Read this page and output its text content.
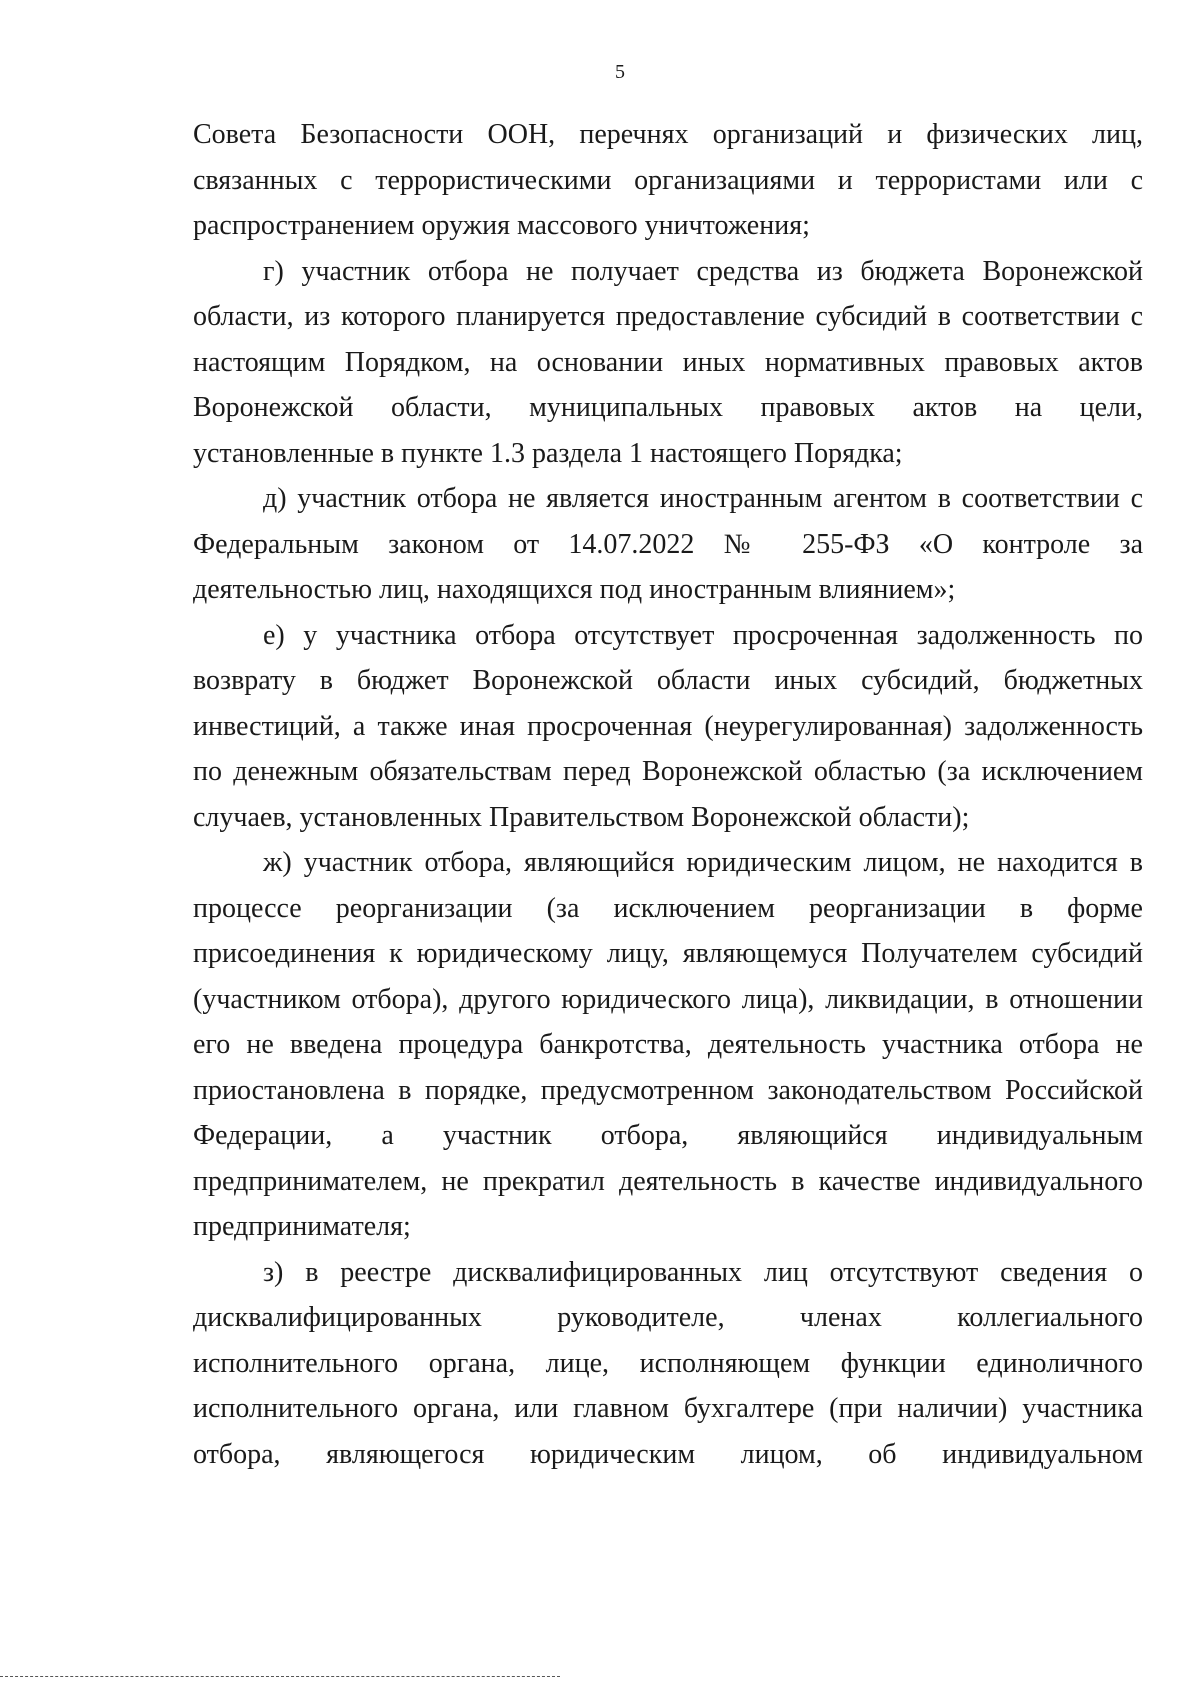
5

Совета Безопасности ООН, перечнях организаций и физических лиц,
связанных с террористическими организациями и террористами или с
распространением оружия массового уничтожения;

г) участник отбора не получает средства из бюджета Воронежской
области, из которого планируется предоставление субсидий в соответствии с
настоящим Порядком, на основании иных нормативных правовых актов
Воронежской области, муниципальных правовых актов на цели,
установленные в пункте 1.3 раздела 1 настоящего Порядка;

д) участник отбора не является иностранным агентом в соответствии с
Федеральным законом от 14.07.2022 № 255-ФЗ «О контроле за
деятельностью лиц, находящихся под иностранным влиянием»;

е) у участника отбора отсутствует просроченная задолженность по
возврату в бюджет Воронежской области иных субсидий, бюджетных
инвестиций, а также иная просроченная (неурегулированная) задолженность
по денежным обязательствам перед Воронежской областью (за исключением
случаев, установленных Правительством Воронежской области);

ж) участник отбора, являющийся юридическим лицом, не находится в
процессе реорганизации (за исключением реорганизации в форме
присоединения к юридическому лицу, являющемуся Получателем субсидий
(участником отбора), другого юридического лица), ликвидации, в отношении
его не введена процедура банкротства, деятельность участника отбора не
приостановлена в порядке, предусмотренном законодательством Российской
Федерации, а участник отбора, являющийся индивидуальным
предпринимателем, не прекратил деятельность в качестве индивидуального
предпринимателя;

з) в реестре дисквалифицированных лиц отсутствуют сведения о
дисквалифицированных руководителе, членах коллегиального
исполнительного органа, лице, исполняющем функции единоличного
исполнительного органа, или главном бухгалтере (при наличии) участника
отбора, являющегося юридическим лицом, об индивидуальном
